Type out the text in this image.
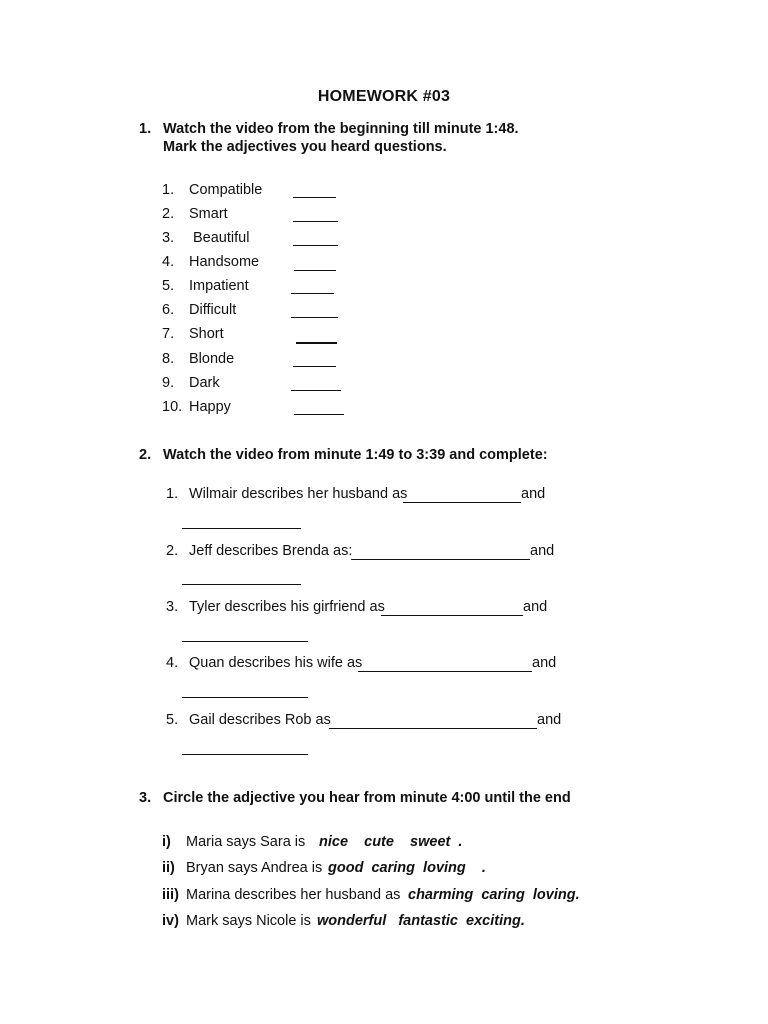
HOMEWORK #03
1. Watch the video from the beginning till minute 1:48.
Mark the adjectives you heard questions.
1. Compatible
2. Smart
3. Beautiful
4. Handsome
5. Impatient
6. Difficult
7. Short
8. Blonde
9. Dark
10. Happy
2. Watch the video from minute 1:49 to 3:39 and complete:
1. Wilmair describes her husband as	and
2. Jeff describes Brenda as:	and
3. Tyler describes his girfriend as	and
4. Quan describes his wife as	and
5. Gail describes Rob as	and
3. Circle the adjective you hear from minute 4:00 until the end
i) Maria says Sara is nice    cute    sweet  .
ii) Bryan says Andrea is good  caring  loving    .
iii) Marina describes her husband as charming  caring  loving.
iv) Mark says Nicole is wonderful   fantastic  exciting.
